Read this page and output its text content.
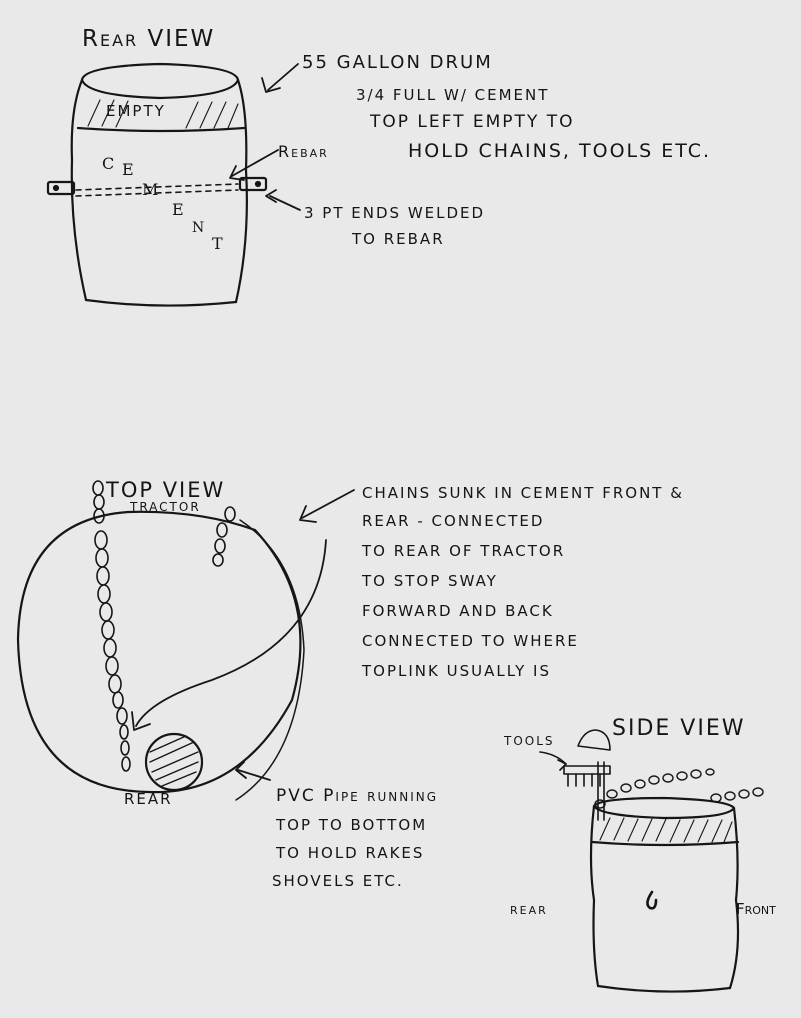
Rear VIEW
EMPTY
C E
M
E
N
T
Rebar
55 GALLON DRUM
3/4 FULL W/ CEMENT
TOP LEFT EMPTY TO
HOLD CHAINS, TOOLS ETC.
3 PT ENDS WELDED
TO REBAR
TOP VIEW
TRACTOR
REAR
CHAINS SUNK IN CEMENT FRONT &
REAR - CONNECTED
TO REAR OF TRACTOR
TO STOP SWAY
FORWARD AND BACK
CONNECTED TO WHERE
TOPLINK USUALLY IS
PVC Pipe running
TOP TO BOTTOM
TO HOLD RAKES
SHOVELS ETC.
SIDE VIEW
TOOLS
rear	Front
